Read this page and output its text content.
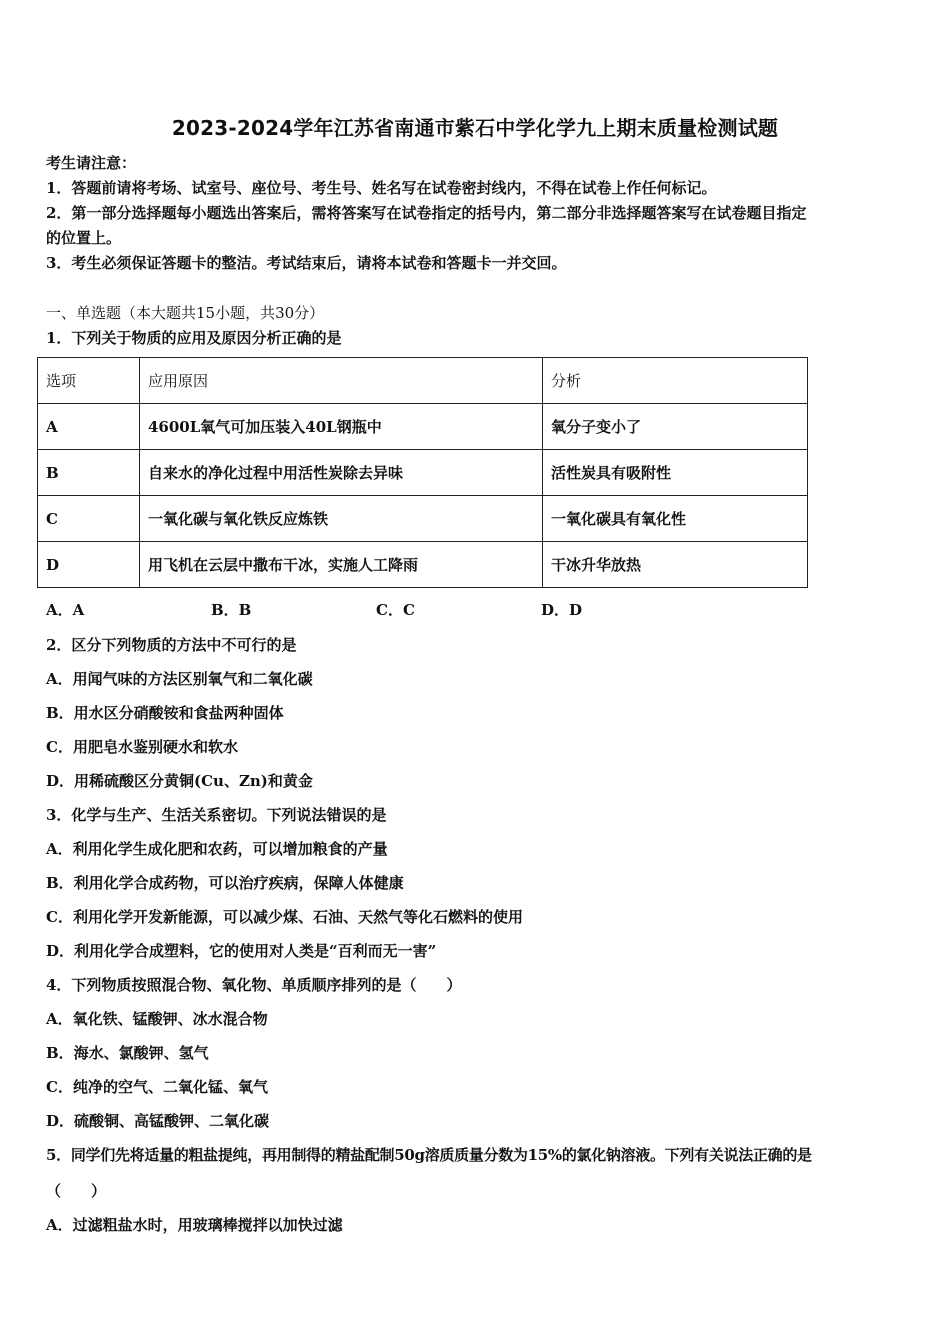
2023-2024学年江苏省南通市紫石中学化学九上期末质量检测试题
考生请注意：
1．答题前请将考场、试室号、座位号、考生号、姓名写在试卷密封线内，不得在试卷上作任何标记。
2．第一部分选择题每小题选出答案后，需将答案写在试卷指定的括号内，第二部分非选择题答案写在试卷题目指定
的位置上。
3．考生必须保证答题卡的整洁。考试结束后，请将本试卷和答题卡一并交回。
一、单选题（本大题共15小题，共30分）
1．下列关于物质的应用及原因分析正确的是
选项	应用原因	分析
A	4600L氧气可加压装入40L钢瓶中	氧分子变小了
B	自来水的净化过程中用活性炭除去异味	活性炭具有吸附性
C	一氧化碳与氧化铁反应炼铁	一氧化碳具有氧化性
D	用飞机在云层中撒布干冰，实施人工降雨	干冰升华放热
A．A	B．B	C．C	D．D
2．区分下列物质的方法中不可行的是
A．用闻气味的方法区别氧气和二氧化碳
B．用水区分硝酸铵和食盐两种固体
C．用肥皂水鉴别硬水和软水
D．用稀硫酸区分黄铜(Cu、Zn)和黄金
3．化学与生产、生活关系密切。下列说法错误的是
A．利用化学生成化肥和农药，可以增加粮食的产量
B．利用化学合成药物，可以治疗疾病，保障人体健康
C．利用化学开发新能源，可以减少煤、石油、天然气等化石燃料的使用
D．利用化学合成塑料，它的使用对人类是“百利而无一害”
4．下列物质按照混合物、氧化物、单质顺序排列的是（　　）
A．氧化铁、锰酸钾、冰水混合物
B．海水、氯酸钾、氢气
C．纯净的空气、二氧化锰、氧气
D．硫酸铜、高锰酸钾、二氧化碳
5．同学们先将适量的粗盐提纯，再用制得的精盐配制50g溶质质量分数为15%的氯化钠溶液。下列有关说法正确的是
（　　）
A．过滤粗盐水时，用玻璃棒搅拌以加快过滤
